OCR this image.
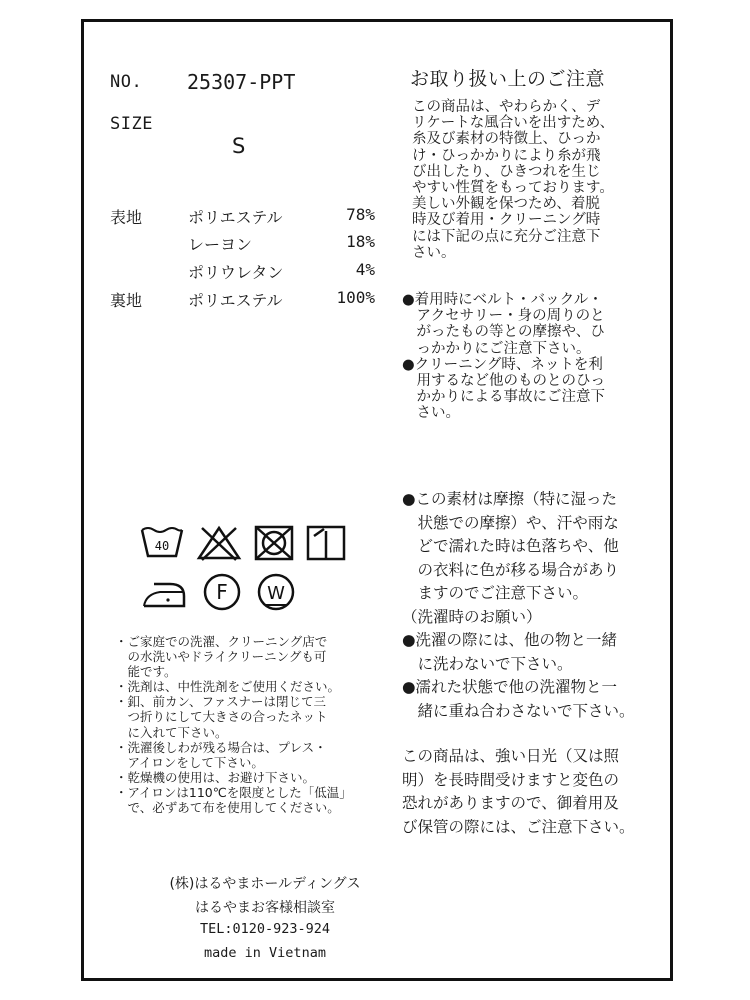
NO. 25307-PPT
SIZE
S
表地	ポリエステル	78%
レーヨン	18%
ポリウレタン	4%
裏地	ポリエステル	100%
40
F W
・ご家庭での洗濯、クリーニング店で
　の水洗いやドライクリーニングも可
　能です。
・洗剤は、中性洗剤をご使用ください。
・釦、前カン、ファスナーは閉じて三
　つ折りにして大きさの合ったネット
　に入れて下さい。
・洗濯後しわが残る場合は、プレス・
　アイロンをして下さい。
・乾燥機の使用は、お避け下さい。
・アイロンは110℃を限度とした「低温」
　で、必ずあて布を使用してください。
(株)はるやまホールディングス
はるやまお客様相談室
TEL:0120-923-924
made in Vietnam
お取り扱い上のご注意
この商品は、やわらかく、デ
リケートな風合いを出すため、
糸及び素材の特徴上、ひっか
け・ひっかかりにより糸が飛
び出したり、ひきつれを生じ
やすい性質をもっております。
美しい外観を保つため、着脱
時及び着用・クリーニング時
には下記の点に充分ご注意下
さい。
●着用時にベルト・バックル・
　アクセサリー・身の周りのと
　がったもの等との摩擦や、ひ
　っかかりにご注意下さい。
●クリーニング時、ネットを利
　用するなど他のものとのひっ
　かかりによる事故にご注意下
　さい。
●この素材は摩擦（特に湿った
　状態での摩擦）や、汗や雨な
　どで濡れた時は色落ちや、他
　の衣料に色が移る場合があり
　ますのでご注意下さい。
（洗濯時のお願い）
●洗濯の際には、他の物と一緒
　に洗わないで下さい。
●濡れた状態で他の洗濯物と一
　緒に重ね合わさないで下さい。
この商品は、強い日光（又は照
明）を長時間受けますと変色の
恐れがありますので、御着用及
び保管の際には、ご注意下さい。
